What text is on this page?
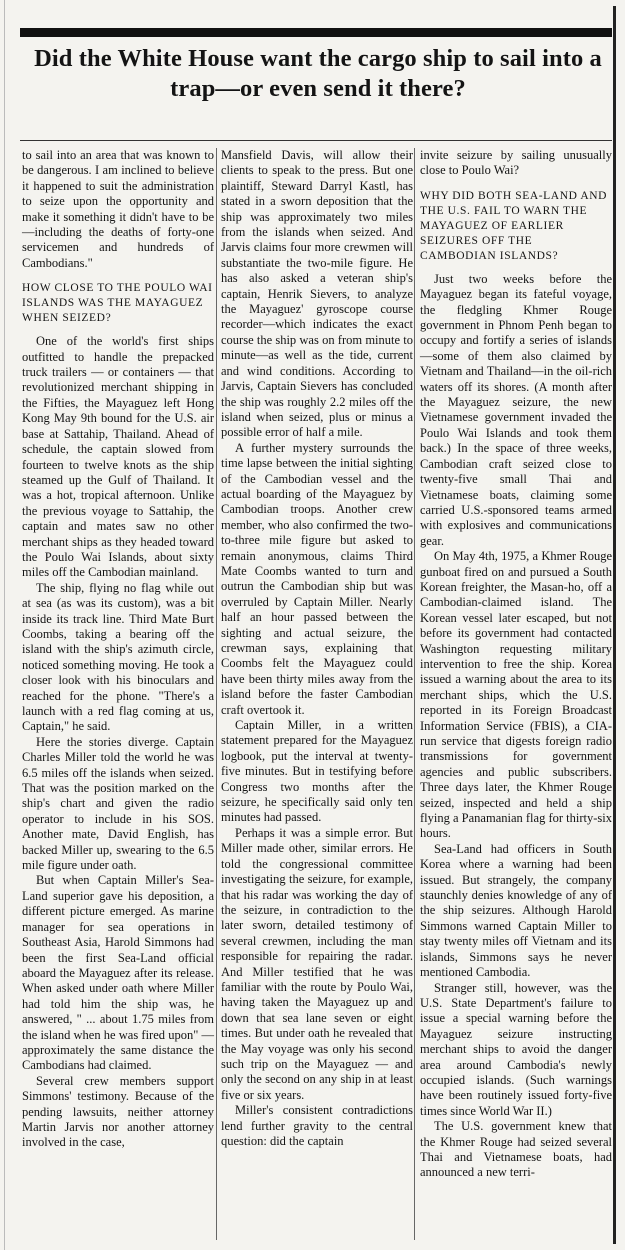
Did the White House want the cargo ship to sail into a trap—or even send it there?

to sail into an area that was known to be dangerous. I am inclined to believe it happened to suit the administration to seize upon the opportunity and make it something it didn't have to be—including the deaths of forty-one servicemen and hundreds of Cambodians."

HOW CLOSE TO THE POULO WAI ISLANDS WAS THE MAYAGUEZ WHEN SEIZED?

One of the world's first ships outfitted to handle the prepacked truck trailers — or containers — that revolutionized merchant shipping in the Fifties, the Mayaguez left Hong Kong May 9th bound for the U.S. air base at Sattahip, Thailand. Ahead of schedule, the captain slowed from fourteen to twelve knots as the ship steamed up the Gulf of Thailand. It was a hot, tropical afternoon. Unlike the previous voyage to Sattahip, the captain and mates saw no other merchant ships as they headed toward the Poulo Wai Islands, about sixty miles off the Cambodian mainland.

The ship, flying no flag while out at sea (as was its custom), was a bit inside its track line. Third Mate Burt Coombs, taking a bearing off the island with the ship's azimuth circle, noticed something moving. He took a closer look with his binoculars and reached for the phone. "There's a launch with a red flag coming at us, Captain," he said.

Here the stories diverge. Captain Charles Miller told the world he was 6.5 miles off the islands when seized. That was the position marked on the ship's chart and given the radio operator to include in his SOS. Another mate, David English, has backed Miller up, swearing to the 6.5 mile figure under oath.

But when Captain Miller's Sea-Land superior gave his deposition, a different picture emerged. As marine manager for sea operations in Southeast Asia, Harold Simmons had been the first Sea-Land official aboard the Mayaguez after its release. When asked under oath where Miller had told him the ship was, he answered, " ... about 1.75 miles from the island when he was fired upon" — approximately the same distance the Cambodians had claimed.

Several crew members support Simmons' testimony. Because of the pending lawsuits, neither attorney Martin Jarvis nor another attorney involved in the case,

Mansfield Davis, will allow their clients to speak to the press. But one plaintiff, Steward Darryl Kastl, has stated in a sworn deposition that the ship was approximately two miles from the islands when seized. And Jarvis claims four more crewmen will substantiate the two-mile figure. He has also asked a veteran ship's captain, Henrik Sievers, to analyze the Mayaguez' gyroscope course recorder—which indicates the exact course the ship was on from minute to minute—as well as the tide, current and wind conditions. According to Jarvis, Captain Sievers has concluded the ship was roughly 2.2 miles off the island when seized, plus or minus a possible error of half a mile.

A further mystery surrounds the time lapse between the initial sighting of the Cambodian vessel and the actual boarding of the Mayaguez by Cambodian troops. Another crew member, who also confirmed the two-to-three mile figure but asked to remain anonymous, claims Third Mate Coombs wanted to turn and outrun the Cambodian ship but was overruled by Captain Miller. Nearly half an hour passed between the sighting and actual seizure, the crewman says, explaining that Coombs felt the Mayaguez could have been thirty miles away from the island before the faster Cambodian craft overtook it.

Captain Miller, in a written statement prepared for the Mayaguez logbook, put the interval at twenty-five minutes. But in testifying before Congress two months after the seizure, he specifically said only ten minutes had passed.

Perhaps it was a simple error. But Miller made other, similar errors. He told the congressional committee investigating the seizure, for example, that his radar was working the day of the seizure, in contradiction to the later sworn, detailed testimony of several crewmen, including the man responsible for repairing the radar. And Miller testified that he was familiar with the route by Poulo Wai, having taken the Mayaguez up and down that sea lane seven or eight times. But under oath he revealed that the May voyage was only his second such trip on the Mayaguez — and only the second on any ship in at least five or six years.

Miller's consistent contradictions lend further gravity to the central question: did the captain

invite seizure by sailing unusually close to Poulo Wai?

WHY DID BOTH SEA-LAND AND THE U.S. FAIL TO WARN THE MAYAGUEZ OF EARLIER SEIZURES OFF THE CAMBODIAN ISLANDS?

Just two weeks before the Mayaguez began its fateful voyage, the fledgling Khmer Rouge government in Phnom Penh began to occupy and fortify a series of islands—some of them also claimed by Vietnam and Thailand—in the oil-rich waters off its shores. (A month after the Mayaguez seizure, the new Vietnamese government invaded the Poulo Wai Islands and took them back.) In the space of three weeks, Cambodian craft seized close to twenty-five small Thai and Vietnamese boats, claiming some carried U.S.-sponsored teams armed with explosives and communications gear.

On May 4th, 1975, a Khmer Rouge gunboat fired on and pursued a South Korean freighter, the Masan-ho, off a Cambodian-claimed island. The Korean vessel later escaped, but not before its government had contacted Washington requesting military intervention to free the ship. Korea issued a warning about the area to its merchant ships, which the U.S. reported in its Foreign Broadcast Information Service (FBIS), a CIA-run service that digests foreign radio transmissions for government agencies and public subscribers. Three days later, the Khmer Rouge seized, inspected and held a ship flying a Panamanian flag for thirty-six hours.

Sea-Land had officers in South Korea where a warning had been issued. But strangely, the company staunchly denies knowledge of any of the ship seizures. Although Harold Simmons warned Captain Miller to stay twenty miles off Vietnam and its islands, Simmons says he never mentioned Cambodia.

Stranger still, however, was the U.S. State Department's failure to issue a special warning before the Mayaguez seizure instructing merchant ships to avoid the danger area around Cambodia's newly occupied islands. (Such warnings have been routinely issued forty-five times since World War II.)

The U.S. government knew that the Khmer Rouge had seized several Thai and Vietnamese boats, had announced a new terri-
